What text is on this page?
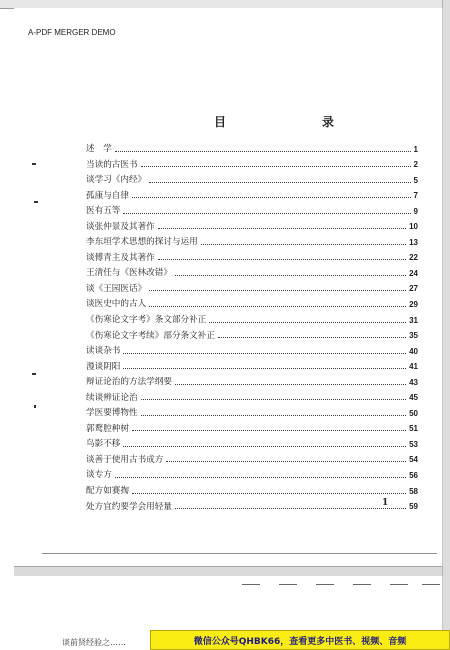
A-PDF MERGER DEMO
目	录
述　学	1
当读的古医书	2
谈学习《内经》	5
孤康与自律	7
医有五等	9
谈张仲景及其著作	10
李东垣学术思想的探讨与运用	13
谈傅青主及其著作	22
王清任与《医林改错》	24
谈《王园医话》	27
谈医史中的古人	29
《伤寒论文字考》条文部分补正	31
《伤寒论文字考续》部分条文补正	35
读谈杂书	40
漫谈阴阳	41
辩证论治的方法学纲要	43
续谈辨证论治	45
学医要博物性	50
郭鹜腔种树	51
鸟影不移	53
谈善于使用古书成方	54
谈专方	56
配方如赛掏	58
处方宜约要学会用轻量	59
1
谈前贤经验之……	微信公众号QHBK66，查看更多中医书、视频、音频
